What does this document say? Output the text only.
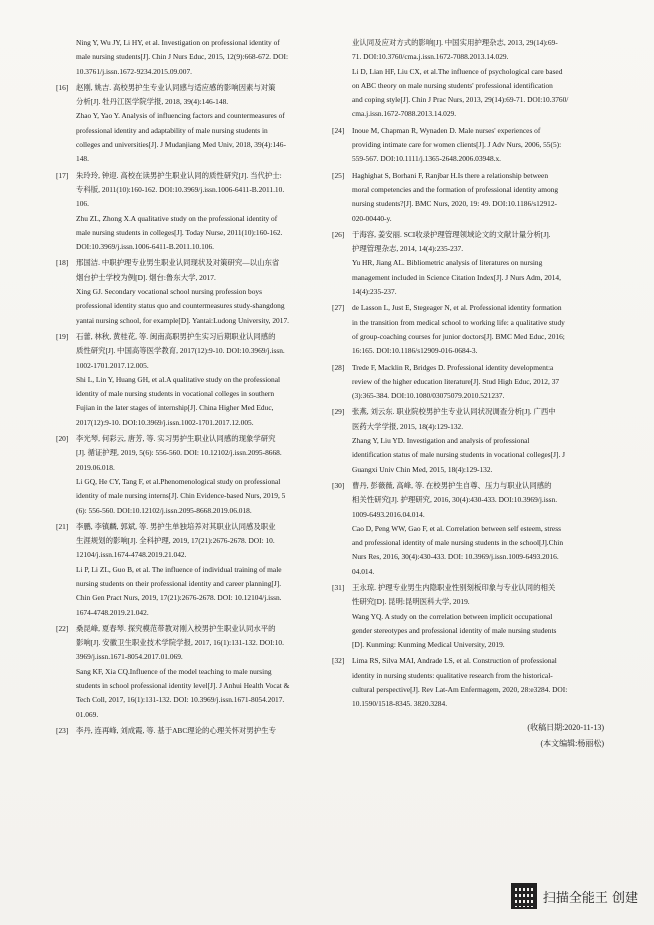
Ning Y, Wu JY, Li HY, et al. Investigation on professional identity of
male nursing students[J]. Chin J Nurs Educ, 2015, 12(9):668-672. DOI:
10.3761/j.issn.1672-9234.2015.09.007.
[16] 赵刚, 姚吉. 高校男护生专业认同感与适应感的影响因素与对策
分析[J]. 牡丹江医学院学报, 2018, 39(4):146-148.
Zhao Y, Yao Y. Analysis of influencing factors and countermeasures of
professional identity and adaptability of male nursing students in
colleges and universities[J]. J Mudanjiang Med Univ, 2018, 39(4):146-
148.
[17] 朱玲玲, 钟迎. 高校在读男护生职业认同的质性研究[J]. 当代护士:
专科版, 2011(10):160-162. DOI:10.3969/j.issn.1006-6411-B.2011.10.
106.
Zhu ZL, Zhong X.A qualitative study on the professional identity of
male nursing students in colleges[J]. Today Nurse, 2011(10):160-162.
DOI:10.3969/j.issn.1006-6411-B.2011.10.106.
[18] 邢国洁. 中职护理专业男生职业认同现状及对策研究—以山东省
烟台护士学校为例[D]. 烟台:鲁东大学, 2017.
Xing GJ. Secondary vocational school nursing profession boys
professional identity status quo and countermeasures study-shangdong
yantai nursing school, for example[D]. Yantai:Ludong University, 2017.
[19] 石蕾, 林秋, 黄桂花, 等. 闽南高职男护生实习后期职业认同感的
质性研究[J]. 中国高等医学教育, 2017(12):9-10. DOI:10.3969/j.issn.
1002-1701.2017.12.005.
Shi L, Lin Y, Huang GH, et al.A qualitative study on the professional
identity of male nursing students in vocational colleges in southern
Fujian in the later stages of internship[J]. China Higher Med Educ,
2017(12):9-10. DOI:10.3969/j.issn.1002-1701.2017.12.005.
[20] 李光琴, 何彩云, 唐芳, 等. 实习男护生职业认同感的现象学研究
[J]. 循证护理, 2019, 5(6): 556-560. DOI: 10.12102/j.issn.2095-8668.
2019.06.018.
Li GQ, He CY, Tang F, et al.Phenomenological study on professional
identity of male nursing interns[J]. Chin Evidence-based Nurs, 2019, 5
(6): 556-560. DOI:10.12102/j.issn.2095-8668.2019.06.018.
[21] 李鹏, 李镇麟, 郭斌, 等. 男护生单独培养对其职业认同感及职业
生涯规划的影响[J]. 全科护理, 2019, 17(21):2676-2678. DOI: 10.
12104/j.issn.1674-4748.2019.21.042.
Li P, Li ZL, Guo B, et al. The influence of individual training of male
nursing students on their professional identity and career planning[J].
Chin Gen Pract Nurs, 2019, 17(21):2676-2678. DOI: 10.12104/j.issn.
1674-4748.2019.21.042.
[22] 桑昆峰, 夏春琴. 探究模范带教对刚入校男护生职业认同水平的
影响[J]. 安徽卫生职业技术学院学报, 2017, 16(1):131-132. DOI:10.
3969/j.issn.1671-8054.2017.01.069.
Sang KF, Xia CQ.Influence of the model teaching to male nursing
students in school professional identity level[J]. J Anhui Health Vocat &
Tech Coll, 2017, 16(1):131-132. DOI: 10.3969/j.issn.1671-8054.2017.
01.069.
[23] 李丹, 连再峰, 刘成霞, 等. 基于ABC理论的心理关怀对男护生专
业认同及应对方式的影响[J]. 中国实用护理杂志, 2013, 29(14):69-
71. DOI:10.3760/cma.j.issn.1672-7088.2013.14.029.
Li D, Lian HF, Liu CX, et al.The influence of psychological care based
on ABC theory on male nursing students' professional identification
and coping style[J]. Chin J Prac Nurs, 2013, 29(14):69-71. DOI:10.3760/
cma.j.issn.1672-7088.2013.14.029.
[24] Inoue M, Chapman R, Wynaden D. Male nurses' experiences of
providing intimate care for women clients[J]. J Adv Nurs, 2006, 55(5):
559-567. DOI:10.1111/j.1365-2648.2006.03948.x.
[25] Haghighat S, Borhani F, Ranjbar H.Is there a relationship between
moral competencies and the formation of professional identity among
nursing students?[J]. BMC Nurs, 2020, 19: 49. DOI:10.1186/s12912-
020-00440-y.
[26] 于海容, 姜安丽. SCI收录护理管理领域论文的文献计量分析[J].
护理管理杂志, 2014, 14(4):235-237.
Yu HR, Jiang AL. Bibliometric analysis of literatures on nursing
management included in Science Citation Index[J]. J Nurs Adm, 2014,
14(4):235-237.
[27] de Lasson L, Just E, Stegeager N, et al. Professional identity formation
in the transition from medical school to working life: a qualitative study
of group-coaching courses for junior doctors[J]. BMC Med Educ, 2016;
16:165. DOI:10.1186/s12909-016-0684-3.
[28] Trede F, Macklin R, Bridges D. Professional identity development:a
review of the higher education literature[J]. Stud High Educ, 2012, 37
(3):365-384. DOI:10.1080/03075079.2010.521237.
[29] 张燕, 刘云东. 职业院校男护生专业认同状况调查分析[J]. 广西中
医药大学学报, 2015, 18(4):129-132.
Zhang Y, Liu YD. Investigation and analysis of professional
identification status of male nursing students in vocational colleges[J]. J
Guangxi Univ Chin Med, 2015, 18(4):129-132.
[30] 曹丹, 彭薇薇, 高峰, 等. 在校男护生自尊、压力与职业认同感的
相关性研究[J]. 护理研究, 2016, 30(4):430-433. DOI:10.3969/j.issn.
1009-6493.2016.04.014.
Cao D, Peng WW, Gao F, et al. Correlation between self esteem, stress
and professional identity of male nursing students in the school[J].Chin
Nurs Res, 2016, 30(4):430-433. DOI: 10.3969/j.issn.1009-6493.2016.
04.014.
[31] 王永琼. 护理专业男生内隐职业性别刻板印象与专业认同的相关
性研究[D]. 昆明:昆明医科大学, 2019.
Wang YQ. A study on the correlation between implicit occupational
gender stereotypes and professional identity of male nursing students
[D]. Kunming: Kunming Medical University, 2019.
[32] Lima RS, Silva MAI, Andrade LS, et al. Construction of professional
identity in nursing students: qualitative research from the historical-
cultural perspective[J]. Rev Lat-Am Enfermagem, 2020, 28:e3284. DOI:
10.1590/1518-8345. 3820.3284.
(收稿日期:2020-11-13)
(本文编辑:杨丽松)
扫描全能王 创建
